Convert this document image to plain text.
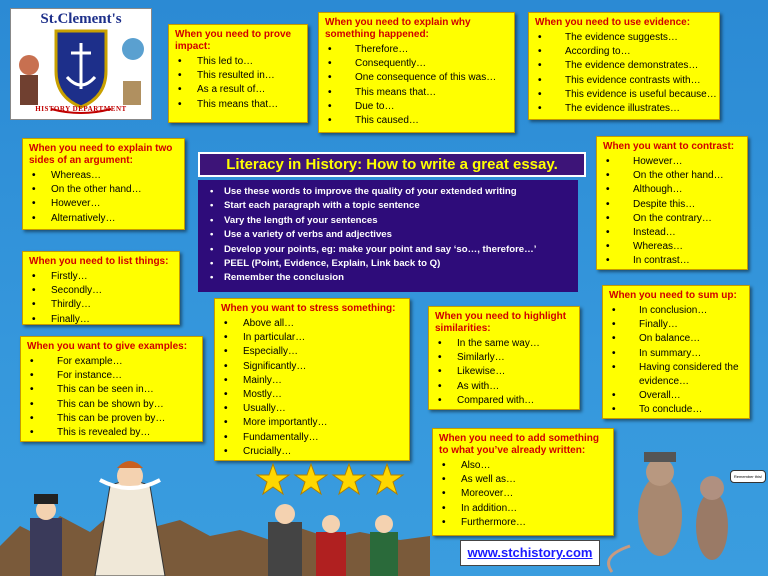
St.Clement's
HISTORY DEPARTMENT
Literacy in History: How to write a great essay.
• Use these words to improve the quality of your extended writing
• Start each paragraph with a topic sentence
• Vary the length of your sentences
• Use a variety of verbs and adjectives
• Develop your points, eg: make your point and say ‘so…, therefore…’
• PEEL (Point, Evidence, Explain, Link back to Q)
• Remember the conclusion
When you need to prove impact:
• This led to…
• This resulted in…
• As a result of…
• This means that…
When you need to explain why something happened:
• Therefore…
• Consequently…
• One consequence of this was…
• This means that…
• Due to…
• This caused…
When you need to use evidence:
• The evidence suggests…
• According to…
• The evidence demonstrates…
• This evidence contrasts with…
• This evidence is useful because…
• The evidence illustrates…
When you need to explain two sides of an argument:
• Whereas…
• On the other hand…
• However…
• Alternatively…
When you want to contrast:
• However…
• On the other hand…
• Although…
• Despite this…
• On the contrary…
• Instead…
• Whereas…
• In contrast…
When you need to list things:
• Firstly…
• Secondly…
• Thirdly…
• Finally…
When you want to stress something:
• Above all…
• In particular…
• Especially…
• Significantly…
• Mainly…
• Mostly…
• Usually…
• More importantly…
• Fundamentally…
• Crucially…
When you need to highlight similarities:
• In the same way…
• Similarly…
• Likewise…
• As with…
• Compared with…
When you need to sum up:
• In conclusion…
• Finally…
• On balance…
• In summary…
• Having considered the evidence…
• Overall…
• To conclude…
When you want to give examples:
• For example…
• For instance…
• This can be seen in…
• This can be shown by…
• This can be proven by…
• This is revealed by…
When you need to add something to what you’ve already written:
• Also…
• As well as…
• Moreover…
• In addition…
• Furthermore…
Remember this!
www.stchistory.com
